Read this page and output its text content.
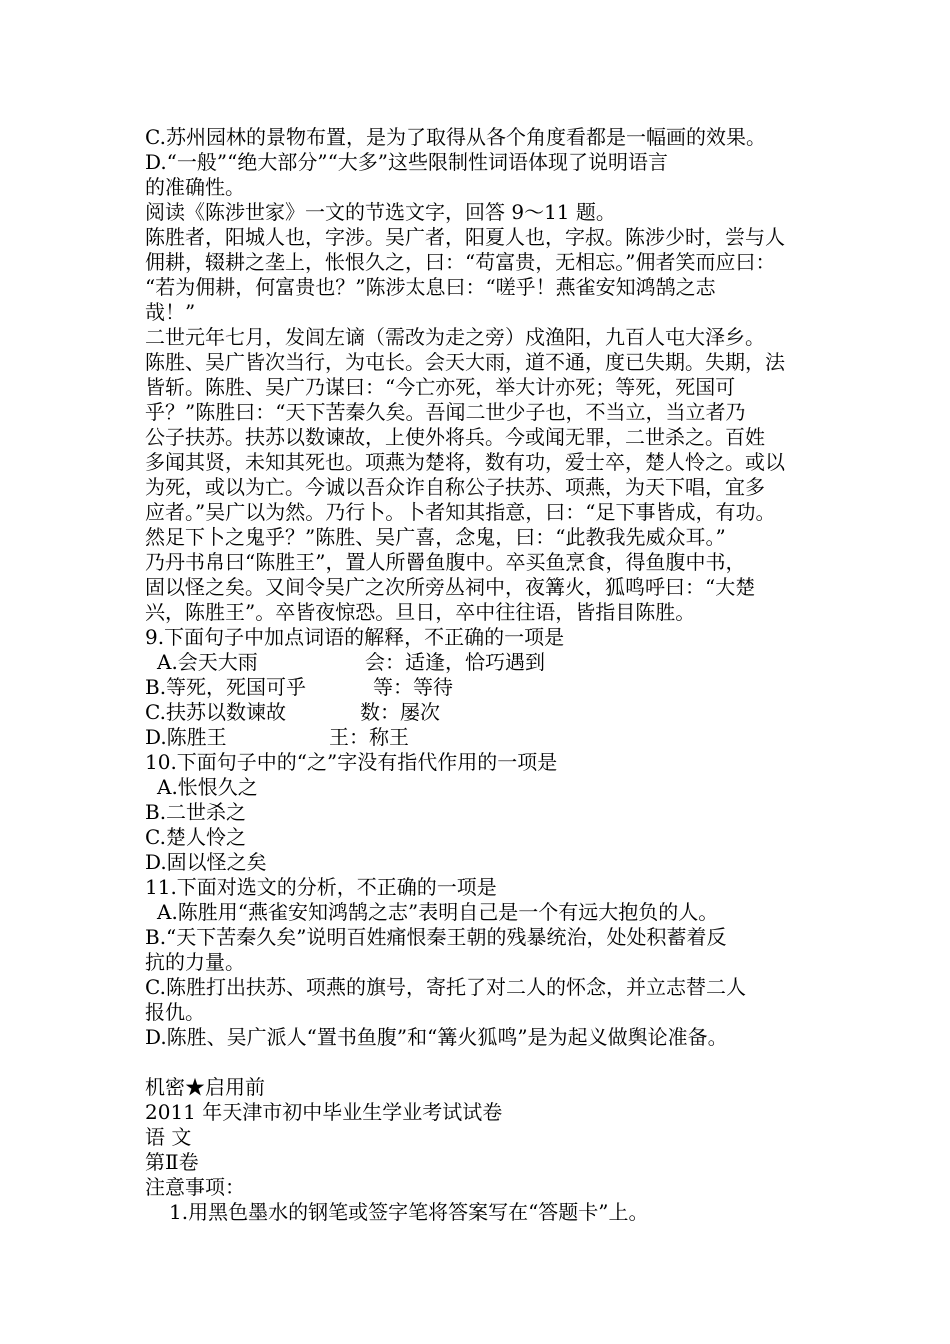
C.苏州园林的景物布置，是为了取得从各个角度看都是一幅画的效果。
D.“一般”“绝大部分”“大多”这些限制性词语体现了说明语言
的准确性。
阅读《陈涉世家》一文的节选文字，回答 9～11 题。
陈胜者，阳城人也，字涉。吴广者，阳夏人也，字叔。陈涉少时，尝与人
佣耕，辍耕之垄上，怅恨久之，曰：“苟富贵，无相忘。”佣者笑而应曰：
“若为佣耕，何富贵也？”陈涉太息曰：“嗟乎！燕雀安知鸿鹄之志
哉！”
二世元年七月，发闾左谪（需改为走之旁）戍渔阳，九百人屯大泽乡。
陈胜、吴广皆次当行，为屯长。会天大雨，道不通，度已失期。失期，法
皆斩。陈胜、吴广乃谋曰：“今亡亦死，举大计亦死；等死，死国可
乎？”陈胜曰：“天下苦秦久矣。吾闻二世少子也，不当立，当立者乃
公子扶苏。扶苏以数谏故，上使外将兵。今或闻无罪，二世杀之。百姓
多闻其贤，未知其死也。项燕为楚将，数有功，爱士卒，楚人怜之。或以
为死，或以为亡。今诚以吾众诈自称公子扶苏、项燕，为天下唱，宜多
应者。”吴广以为然。乃行卜。卜者知其指意，曰：“足下事皆成，有功。
然足下卜之鬼乎？”陈胜、吴广喜，念鬼，曰：“此教我先威众耳。”
乃丹书帛曰“陈胜王”，置人所罾鱼腹中。卒买鱼烹食，得鱼腹中书，
固以怪之矣。又间令吴广之次所旁丛祠中，夜篝火，狐鸣呼曰：“大楚
兴，陈胜王”。卒皆夜惊恐。旦日，卒中往往语，皆指目陈胜。
9.下面句子中加点词语的解释，不正确的一项是
A.会天大雨	会：适逢，恰巧遇到
B.等死，死国可乎	等：等待
C.扶苏以数谏故	数：屡次
D.陈胜王	王：称王
10.下面句子中的“之”字没有指代作用的一项是
A.怅恨久之
B.二世杀之
C.楚人怜之
D.固以怪之矣
11.下面对选文的分析，不正确的一项是
A.陈胜用“燕雀安知鸿鹄之志”表明自己是一个有远大抱负的人。
B.“天下苦秦久矣”说明百姓痛恨秦王朝的残暴统治，处处积蓄着反
抗的力量。
C.陈胜打出扶苏、项燕的旗号，寄托了对二人的怀念，并立志替二人
报仇。
D.陈胜、吴广派人“置书鱼腹”和“篝火狐鸣”是为起义做舆论准备。
机密★启用前
2011 年天津市初中毕业生学业考试试卷
语 文
第Ⅱ卷
注意事项：
1.用黑色墨水的钢笔或签字笔将答案写在“答题卡”上。
